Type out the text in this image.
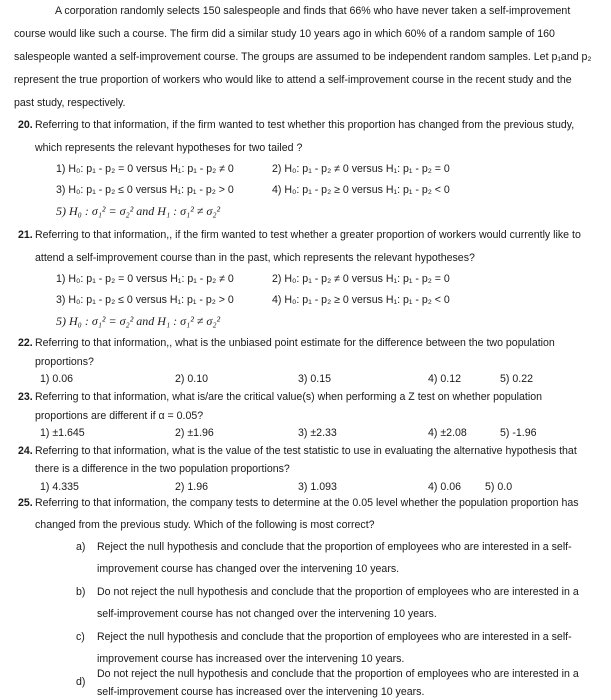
A corporation randomly selects 150 salespeople and finds that 66% who have never taken a self-improvement
course would like such a course. The firm did a similar study 10 years ago in which 60% of a random sample of 160
salespeople wanted a self-improvement course. The groups are assumed to be independent random samples. Let p₁and p₂
represent the true proportion of workers who would like to attend a self-improvement course in the recent study and the
past study, respectively.
20. Referring to that information, if the firm wanted to test whether this proportion has changed from the previous study,
which represents the relevant hypotheses for two tailed ?
1) H₀: p₁ - p₂ = 0 versus H₁: p₁ - p₂ ≠ 0	2) H₀: p₁ - p₂ ≠ 0 versus H₁: p₁ - p₂ = 0
3) H₀: p₁ - p₂ ≤ 0 versus H₁: p₁ - p₂ > 0	4) H₀: p₁ - p₂ ≥ 0 versus H₁: p₁ - p₂ < 0
5) H₀ : σ₁² = σ₂² and H₁ : σ₁² ≠ σ₂²
21. Referring to that information,, if the firm wanted to test whether a greater proportion of workers would currently like to
attend a self-improvement course than in the past, which represents the relevant hypotheses?
1) H₀: p₁ - p₂ = 0 versus H₁: p₁ - p₂ ≠ 0	2) H₀: p₁ - p₂ ≠ 0 versus H₁: p₁ - p₂ = 0
3) H₀: p₁ - p₂ ≤ 0 versus H₁: p₁ - p₂ > 0	4) H₀: p₁ - p₂ ≥ 0 versus H₁: p₁ - p₂ < 0
5) H₀ : σ₁² = σ₂² and H₁ : σ₁² ≠ σ₂²
22. Referring to that information,, what is the unbiased point estimate for the difference between the two population
proportions?
1) 0.06	2) 0.10	3) 0.15	4) 0.12	5) 0.22
23. Referring to that information, what is/are the critical value(s) when performing a Z test on whether population
proportions are different if α = 0.05?
1) ±1.645	2) ±1.96	3) ±2.33	4) ±2.08	5) -1.96
24. Referring to that information, what is the value of the test statistic to use in evaluating the alternative hypothesis that
there is a difference in the two population proportions?
1) 4.335	2) 1.96	3) 1.093	4) 0.06 5) 0.0
25. Referring to that information, the company tests to determine at the 0.05 level whether the population proportion has
changed from the previous study. Which of the following is most correct?
a) Reject the null hypothesis and conclude that the proportion of employees who are interested in a self-
improvement course has changed over the intervening 10 years.
b) Do not reject the null hypothesis and conclude that the proportion of employees who are interested in a
self-improvement course has not changed over the intervening 10 years.
c) Reject the null hypothesis and conclude that the proportion of employees who are interested in a self-
improvement course has increased over the intervening 10 years.
d)
Do not reject the null hypothesis and conclude that the proportion of employees who are interested in a
self-improvement course has increased over the intervening 10 years.
